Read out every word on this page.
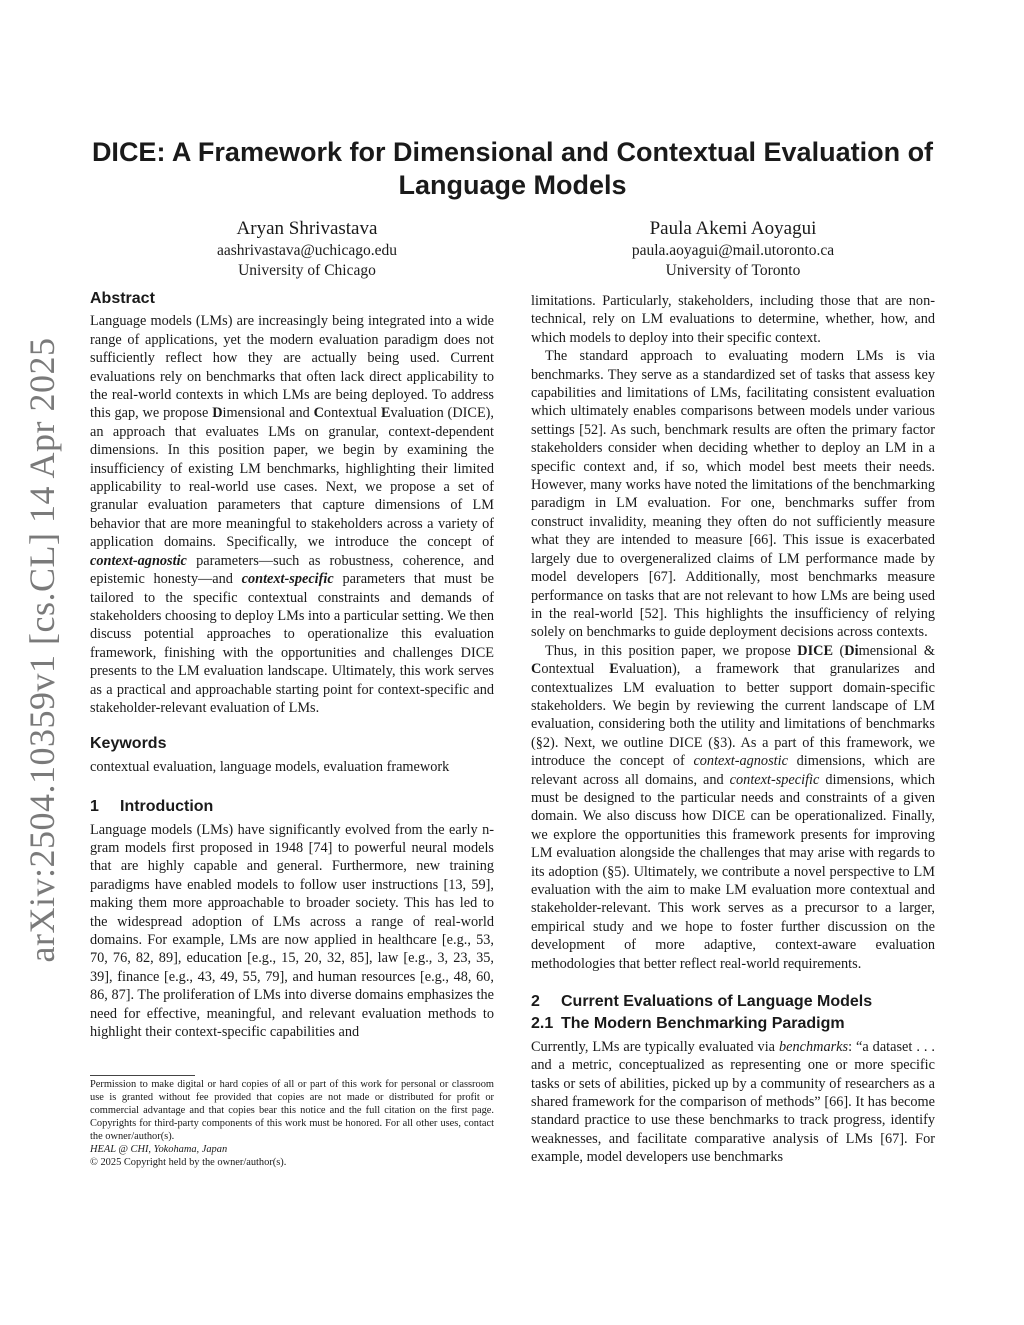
arXiv:2504.10359v1 [cs.CL] 14 Apr 2025
DICE: A Framework for Dimensional and Contextual Evaluation of Language Models
Aryan Shrivastava
aashrivastava@uchicago.edu
University of Chicago
Paula Akemi Aoyagui
paula.aoyagui@mail.utoronto.ca
University of Toronto
Abstract

Language models (LMs) are increasingly being integrated into a wide range of applications, yet the modern evaluation paradigm does not sufficiently reflect how they are actually being used. Current evaluations rely on benchmarks that often lack direct applicability to the real-world contexts in which LMs are being deployed. To address this gap, we propose Dimensional and Contextual Evaluation (DICE), an approach that evaluates LMs on granular, context-dependent dimensions. In this position paper, we begin by examining the insufficiency of existing LM benchmarks, highlighting their limited applicability to real-world use cases. Next, we propose a set of granular evaluation parameters that capture dimensions of LM behavior that are more meaningful to stakeholders across a variety of application domains. Specifically, we introduce the concept of context-agnostic parameters—such as robustness, coherence, and epistemic honesty—and context-specific parameters that must be tailored to the specific contextual constraints and demands of stakeholders choosing to deploy LMs into a particular setting. We then discuss potential approaches to operationalize this evaluation framework, finishing with the opportunities and challenges DICE presents to the LM evaluation landscape. Ultimately, this work serves as a practical and approachable starting point for context-specific and stakeholder-relevant evaluation of LMs.

Keywords

contextual evaluation, language models, evaluation framework

1 Introduction

Language models (LMs) have significantly evolved from the early n-gram models first proposed in 1948 [74] to powerful neural models that are highly capable and general. Furthermore, new training paradigms have enabled models to follow user instructions [13, 59], making them more approachable to broader society. This has led to the widespread adoption of LMs across a range of real-world domains. For example, LMs are now applied in healthcare [e.g., 53, 70, 76, 82, 89], education [e.g., 15, 20, 32, 85], law [e.g., 3, 23, 35, 39], finance [e.g., 43, 49, 55, 79], and human resources [e.g., 48, 60, 86, 87]. The proliferation of LMs into diverse domains emphasizes the need for effective, meaningful, and relevant evaluation methods to highlight their context-specific capabilities and

Permission to make digital or hard copies of all or part of this work for personal or classroom use is granted without fee provided that copies are not made or distributed for profit or commercial advantage and that copies bear this notice and the full citation on the first page. Copyrights for third-party components of this work must be honored. For all other uses, contact the owner/author(s).

HEAL @ CHI, Yokohama, Japan

© 2025 Copyright held by the owner/author(s).

limitations. Particularly, stakeholders, including those that are non-technical, rely on LM evaluations to determine, whether, how, and which models to deploy into their specific context.

The standard approach to evaluating modern LMs is via benchmarks. They serve as a standardized set of tasks that assess key capabilities and limitations of LMs, facilitating consistent evaluation which ultimately enables comparisons between models under various settings [52]. As such, benchmark results are often the primary factor stakeholders consider when deciding whether to deploy an LM in a specific context and, if so, which model best meets their needs. However, many works have noted the limitations of the benchmarking paradigm in LM evaluation. For one, benchmarks suffer from construct invalidity, meaning they often do not sufficiently measure what they are intended to measure [66]. This issue is exacerbated largely due to overgeneralized claims of LM performance made by model developers [67]. Additionally, most benchmarks measure performance on tasks that are not relevant to how LMs are being used in the real-world [52]. This highlights the insufficiency of relying solely on benchmarks to guide deployment decisions across contexts.

Thus, in this position paper, we propose DICE (Dimensional & Contextual Evaluation), a framework that granularizes and contextualizes LM evaluation to better support domain-specific stakeholders. We begin by reviewing the current landscape of LM evaluation, considering both the utility and limitations of benchmarks (§2). Next, we outline DICE (§3). As a part of this framework, we introduce the concept of context-agnostic dimensions, which are relevant across all domains, and context-specific dimensions, which must be designed to the particular needs and constraints of a given domain. We also discuss how DICE can be operationalized. Finally, we explore the opportunities this framework presents for improving LM evaluation alongside the challenges that may arise with regards to its adoption (§5). Ultimately, we contribute a novel perspective to LM evaluation with the aim to make LM evaluation more contextual and stakeholder-relevant. This work serves as a precursor to a larger, empirical study and we hope to foster further discussion on the development of more adaptive, context-aware evaluation methodologies that better reflect real-world requirements.

2 Current Evaluations of Language Models
2.1 The Modern Benchmarking Paradigm

Currently, LMs are typically evaluated via benchmarks: “a dataset . . . and a metric, conceptualized as representing one or more specific tasks or sets of abilities, picked up by a community of researchers as a shared framework for the comparison of methods” [66]. It has become standard practice to use these benchmarks to track progress, identify weaknesses, and facilitate comparative analysis of LMs [67]. For example, model developers use benchmarks
